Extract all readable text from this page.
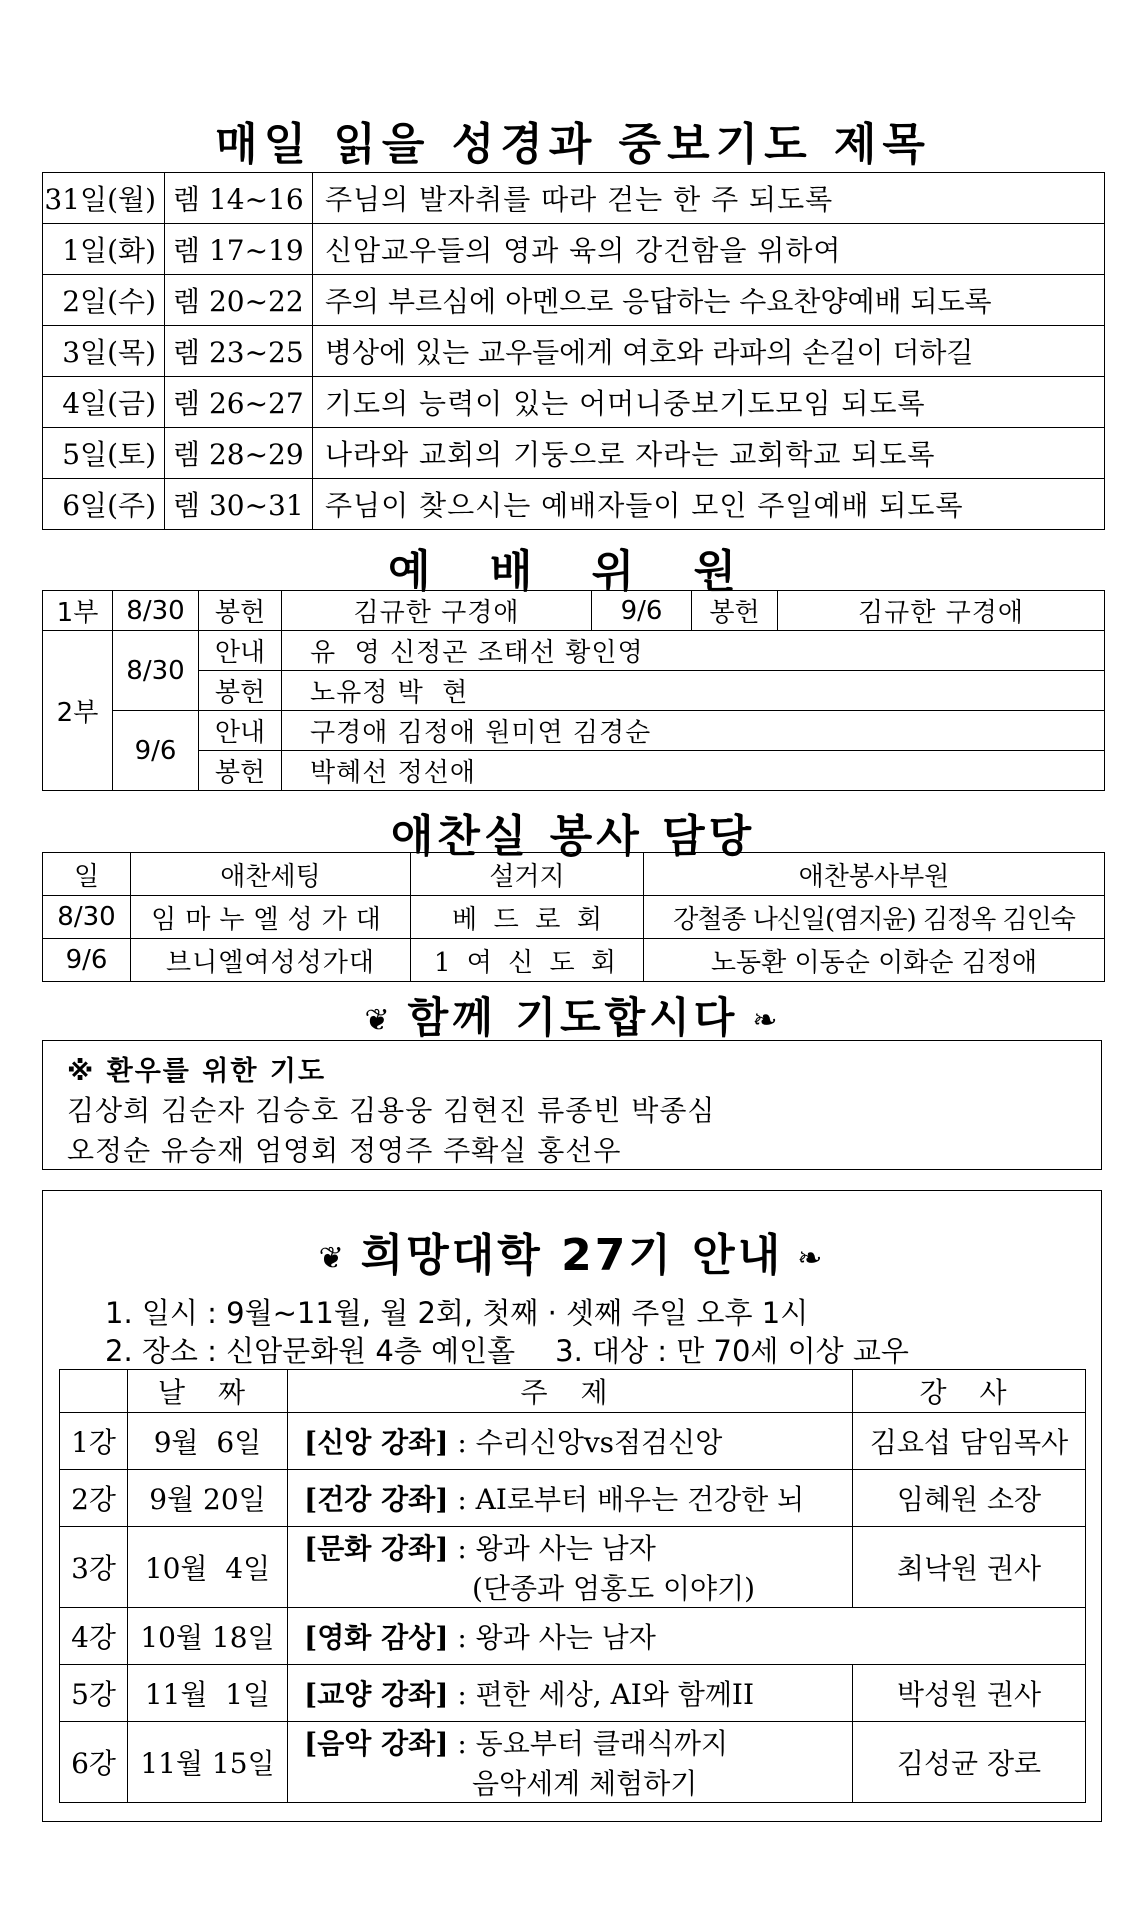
매일 읽을 성경과 중보기도 제목
31일(월)	렘 14~16	주님의 발자취를 따라 걷는 한 주 되도록
1일(화)	렘 17~19	신암교우들의 영과 육의 강건함을 위하여
2일(수)	렘 20~22	주의 부르심에 아멘으로 응답하는 수요찬양예배 되도록
3일(목)	렘 23~25	병상에 있는 교우들에게 여호와 라파의 손길이 더하길
4일(금)	렘 26~27	기도의 능력이 있는 어머니중보기도모임 되도록
5일(토)	렘 28~29	나라와 교회의 기둥으로 자라는 교회학교 되도록
6일(주)	렘 30~31	주님이 찾으시는 예배자들이 모인 주일예배 되도록
예 배 위 원
1부	8/30	봉헌	김규한 구경애	9/6	봉헌	김규한 구경애
2부	8/30	안내	유  영 신정곤 조태선 황인영			
		봉헌	노유정 박  현			
	9/6	안내	구경애 김정애 원미연 김경순			
		봉헌	박혜선 정선애			
애찬실 봉사 담당
일	애찬세팅	설거지	애찬봉사부원
8/30	임마누엘성가대	베  드  로  회	강철종 나신일(염지윤) 김정옥 김인숙
9/6	브니엘여성성가대	1 여 신 도 회	노동환 이동순 이화순 김정애
❦ 함께 기도합시다 ❧
※ 환우를 위한 기도
김상희 김순자 김승호 김용웅 김현진 류종빈 박종심
오정순 유승재 엄영회 정영주 주확실 홍선우
❦ 희망대학 27기 안내 ❧
1. 일시 : 9월~11월, 월 2회, 첫째 · 셋째 주일 오후 1시
2. 장소 : 신암문화원 4층 예인홀 3. 대상 : 만 70세 이상 교우
	날 짜	주 제	강 사
1강	9월  6일	[신앙 강좌] : 수리신앙vs점검신앙	김요섭 담임목사
2강	9월 20일	[건강 강좌] : AI로부터 배우는 건강한 뇌	임혜원 소장
3강	10월  4일	[문화 강좌] : 왕과 사는 남자
(단종과 엄홍도 이야기)	최낙원 권사
4강	10월 18일	[영화 감상] : 왕과 사는 남자	
5강	11월  1일	[교양 강좌] : 편한 세상, AI와 함께II	박성원 권사
6강	11월 15일	[음악 강좌] : 동요부터 클래식까지
음악세계 체험하기	김성균 장로
